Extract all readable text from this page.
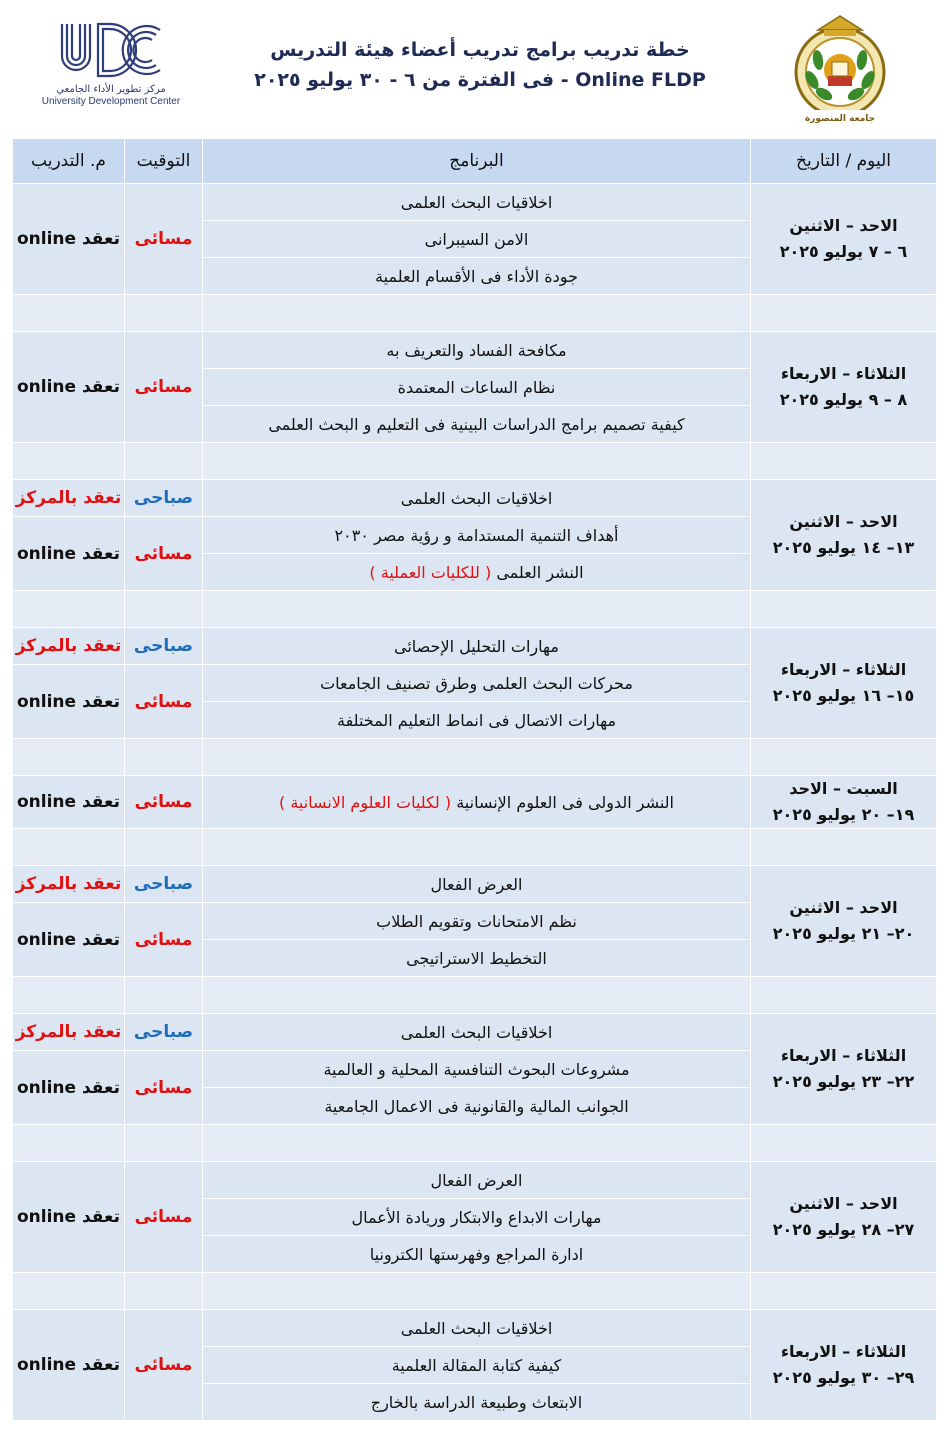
مركز تطوير الأداء الجامعي
University Development Center
خطة تدريب برامج تدريب أعضاء هيئة التدريس
Online FLDP - فى الفترة من ٦ - ٣٠ يوليو ٢٠٢٥
جامعة المنصورة
اليوم / التاريخ	البرنامج	التوقيت	م. التدريب

الاحد – الاثنين
٦ – ٧ يوليو ٢٠٢٥	اخلاقيات البحث العلمى	مسائى	تعقد online
	الامن السيبرانى		
	جودة الأداء فى الأقسام العلمية		

الثلاثاء – الاربعاء
٨ – ٩ يوليو ٢٠٢٥	مكافحة الفساد والتعريف به	مسائى	تعقد online
	نظام الساعات المعتمدة		
	كيفية تصميم برامج الدراسات البينية فى التعليم و البحث العلمى		

الاحد – الاثنين
١٣– ١٤ يوليو ٢٠٢٥	اخلاقيات البحث العلمى	صباحى	تعقد بالمركز
	أهداف التنمية المستدامة و رؤية مصر ٢٠٣٠	مسائى	تعقد online
	النشر العلمى ( للكليات العملية )		

الثلاثاء – الاربعاء
١٥– ١٦ يوليو ٢٠٢٥	مهارات التحليل الإحصائى	صباحى	تعقد بالمركز
	محركات البحث العلمى وطرق تصنيف الجامعات	مسائى	تعقد online
	مهارات الاتصال فى انماط التعليم المختلفة		

السبت – الاحد
١٩– ٢٠ يوليو ٢٠٢٥	النشر الدولى فى العلوم الإنسانية ( لكليات العلوم الانسانية )	مسائى	تعقد online

الاحد – الاثنين
٢٠– ٢١ يوليو ٢٠٢٥	العرض الفعال	صباحى	تعقد بالمركز
	نظم الامتحانات وتقويم الطلاب	مسائى	تعقد online
	التخطيط الاستراتيجى		

الثلاثاء – الاربعاء
٢٢– ٢٣ يوليو ٢٠٢٥	اخلاقيات البحث العلمى	صباحى	تعقد بالمركز
	مشروعات البحوث التنافسية المحلية و العالمية	مسائى	تعقد online
	الجوانب المالية والقانونية فى الاعمال الجامعية		

الاحد – الاثنين
٢٧– ٢٨ يوليو ٢٠٢٥	العرض الفعال	مسائى	تعقد online
	مهارات الابداع والابتكار وريادة الأعمال		
	ادارة المراجع وفهرستها الكترونيا		

الثلاثاء – الاربعاء
٢٩– ٣٠ يوليو ٢٠٢٥	اخلاقيات البحث العلمى	مسائى	تعقد online
	كيفية كتابة المقالة العلمية		
	الابتعاث وطبيعة الدراسة بالخارج		
